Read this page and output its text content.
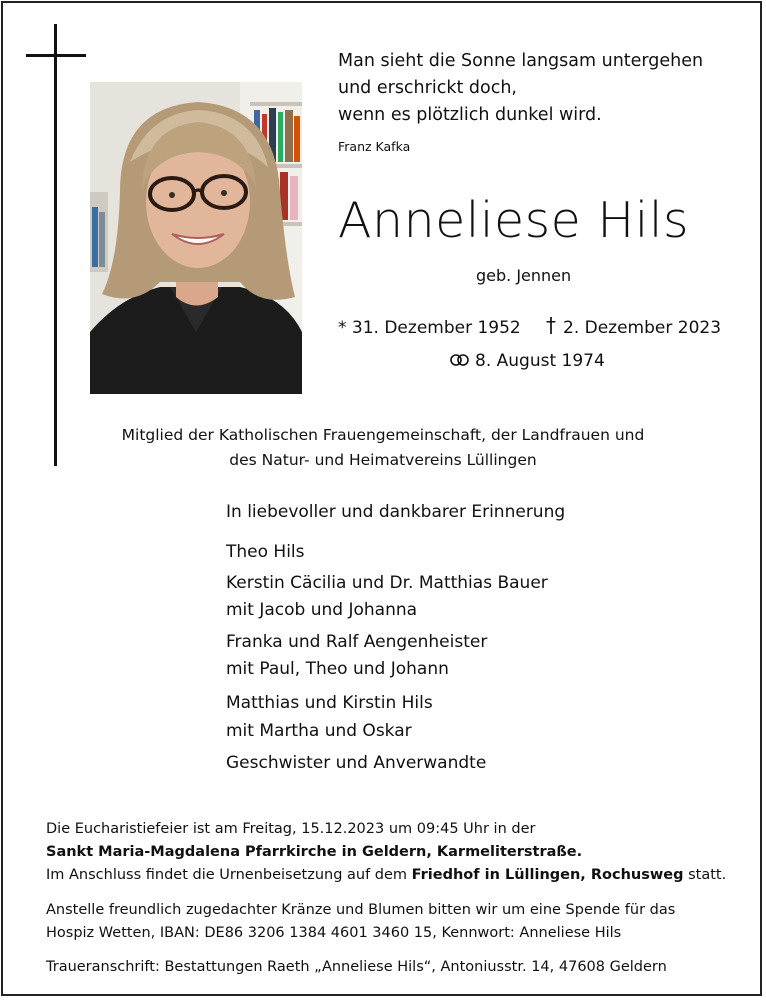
Man sieht die Sonne langsam untergehen
und erschrickt doch,
wenn es plötzlich dunkel wird.
Franz Kafka
Anneliese Hils
geb. Jennen
* 31. Dezember 1952 † 2. Dezember 2023
8. August 1974
Mitglied der Katholischen Frauengemeinschaft, der Landfrauen und
des Natur- und Heimatvereins Lüllingen
In liebevoller und dankbarer Erinnerung
Theo Hils
Kerstin Cäcilia und Dr. Matthias Bauer
mit Jacob und Johanna
Franka und Ralf Aengenheister
mit Paul, Theo und Johann
Matthias und Kirstin Hils
mit Martha und Oskar
Geschwister und Anverwandte
Die Eucharistiefeier ist am Freitag, 15.12.2023 um 09:45 Uhr in der
Sankt Maria-Magdalena Pfarrkirche in Geldern, Karmeliterstraße.
Im Anschluss findet die Urnenbeisetzung auf dem Friedhof in Lüllingen, Rochusweg statt.
Anstelle freundlich zugedachter Kränze und Blumen bitten wir um eine Spende für das
Hospiz Wetten, IBAN: DE86 3206 1384 4601 3460 15, Kennwort: Anneliese Hils
Traueranschrift: Bestattungen Raeth „Anneliese Hils“, Antoniusstr. 14, 47608 Geldern
